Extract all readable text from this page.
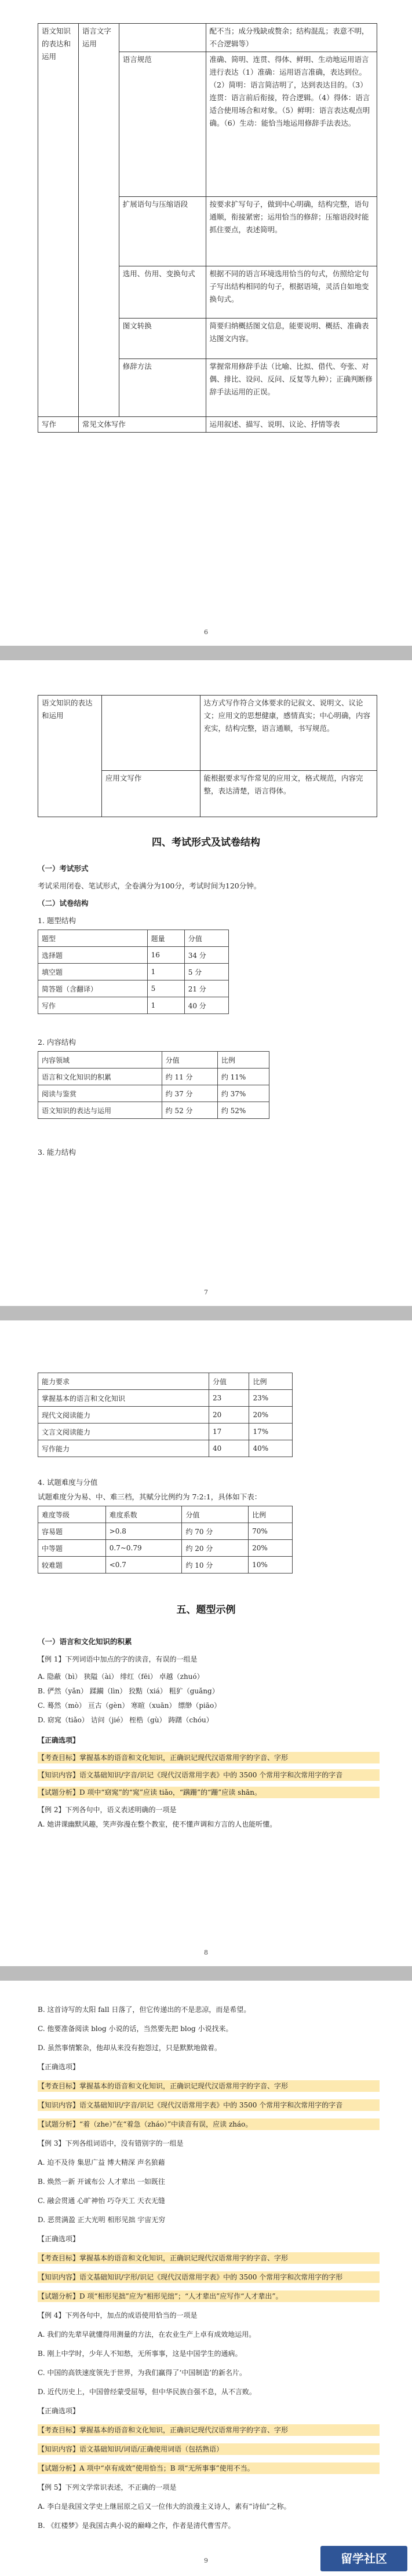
语文知识的表达和运用	语言文字运用		配不当；成分残缺或赘余；结构混乱；表意不明，不合逻辑等）
		语言规范	准确、简明、连贯、得体、鲜明、生动地运用语言进行表达（1）准确：运用语言准确，表达到位。（2）简明：语言简洁明了，达到表达目的。（3）连贯：语言前后衔接，符合逻辑。（4）得体：语言适合使用场合和对象。（5）鲜明：语言表达观点明确。（6）生动：能恰当地运用修辞手法表达。
		扩展语句与压缩语段	按要求扩写句子，做到中心明确，结构完整，语句通顺，衔接紧密；运用恰当的修辞；压缩语段时能抓住要点，表述简明。
		选用、仿用、变换句式	根据不同的语言环境选用恰当的句式，仿照给定句子写出结构相同的句子，根据语境，灵活自如地变换句式。
		图文转换	简要归纳概括图文信息，能要说明、概括、准确表达图文内容。
		修辞方法	掌握常用修辞手法（比喻、比拟、借代、夸张、对偶、排比、设问、反问、反复等九种）；正确判断修辞手法运用的正误。
写作	常见文体写作		运用叙述、描写、说明、议论、抒情等表
6
语文知识的表达和运用		达方式写作符合文体要求的记叙文、说明文、议论文；应用文的思想健康，感情真实；中心明确，内容充实，结构完整，语言通顺，书写规范。
	应用文写作	能根据要求写作常见的应用文，格式规范，内容完整，表达清楚，语言得体。
四、考试形式及试卷结构
（一）考试形式
考试采用闭卷、笔试形式，全卷满分为100分，考试时间为120分钟。
（二）试卷结构
1. 题型结构
题型	题量	分值
选择题	16	34 分
填空题	1	5 分
简答题（含翻译）	5	21 分
写作	1	40 分
2. 内容结构
内容领域	分值	比例
语言和文化知识的积累	约 11 分	约 11%
阅读与鉴赏	约 37 分	约 37%
语文知识的表达与运用	约 52 分	约 52%
3. 能力结构
7
能力要求	分值	比例
掌握基本的语言和文化知识	23	23%
现代文阅读能力	20	20%
文言文阅读能力	17	17%
写作能力	40	40%
4. 试题难度与分值
试题难度分为易、中、难三档，其赋分比例约为 7:2:1，具体如下表：
难度等级	难度系数	分值	比例
容易题	>0.8	约 70 分	70%
中等题	0.7~0.79	约 20 分	20%
较难题	<0.7	约 10 分	10%
五、题型示例
（一）语言和文化知识的积累
【例 1】下列词语中加点的字的读音，有误的一组是
A. 隐蔽（bì） 狭隘（ài） 绯红（fēi） 卓越（zhuó）
B. 俨然（yǎn） 蹂躏（lìn） 狡黠（xiá） 粗犷（guǎng）
C. 蓦然（mò） 亘古（gèn） 寒暄（xuān） 缥缈（piāo）
D. 窈窕（tiǎo） 诘问（jié） 桎梏（gù） 踌躇（chóu）
【正确选项】
【考查目标】掌握基本的语音和文化知识，正确识记现代汉语常用字的字音、字形
【知识内容】语文基础知识/字音/识记《现代汉语常用字表》中的 3500 个常用字和次常用字的字音
【试题分析】D 项中“窈窕”的“窕”应读 tiǎo，“蹒跚”的“跚”应读 shān。
【例 2】下列各句中，语义表述明确的一项是
A. 她讲课幽默风趣，笑声弥漫在整个教室，使不懂声调和方言的人也能听懂。
8
B. 这首诗写的太阳 fall 日落了，但它传递出的不是悲凉，而是希望。
C. 他要准备阅读 blog 小说的话，当然要先把 blog 小说找来。
D. 虽然事情繁杂，他却从来没有抱怨过，只是默默地做着。
【正确选项】
【考查目标】掌握基本的语音和文化知识，正确识记现代汉语常用字的字音、字形
【知识内容】语文基础知识/字音/识记《现代汉语常用字表》中的 3500 个常用字和次常用字的字音
【试题分析】“着（zhe）”在“着急（zháo）”中读音有误，应读 zháo。
【例 3】下列各组词语中，没有错别字的一组是
A. 迫不及待 集思广益 博大精深 声名狼藉
B. 焕然一新 开诚布公 人才辈出 一如既往
C. 融会贯通 心旷神怡 巧夺天工 天衣无缝
D. 恶贯满盈 正大光明 相形见拙 宇宙无穷
【正确选项】
【考查目标】掌握基本的语音和文化知识，正确识记现代汉语常用字的字音、字形
【知识内容】语文基础知识/字形/识记《现代汉语常用字表》中的 3500 个常用字和次常用字的字形
【试题分析】D 项“相形见拙”应为“相形见绌”；“人才辈出”应写作“人才辈出”。
【例 4】下列各句中，加点的成语使用恰当的一项是
A. 我们的先辈早就懂得用测量的方法，在农业生产上卓有成效地运用。
B. 刚上中学时，少年人不知愁，无所事事，这是中国学生的通病。
C. 中国的高铁速度领先于世界，为我们赢得了‘中国制造’的新名片。
D. 近代历史上，中国曾经蒙受屈辱，但中华民族自强不息，从不言败。
【正确选项】
【考查目标】掌握基本的语音和文化知识，正确识记现代汉语常用字的字音、字形
【知识内容】语文基础知识/词语/正确使用词语（包括熟语）
【试题分析】A 项中“卓有成效”使用恰当；B 项“无所事事”使用不当。
【例 5】下列文学常识表述，不正确的一项是
A. 李白是我国文学史上继屈原之后又一位伟大的浪漫主义诗人，素有“诗仙”之称。
B. 《红楼梦》是我国古典小说的巅峰之作，作者是清代曹雪芹。
9	留学社区
